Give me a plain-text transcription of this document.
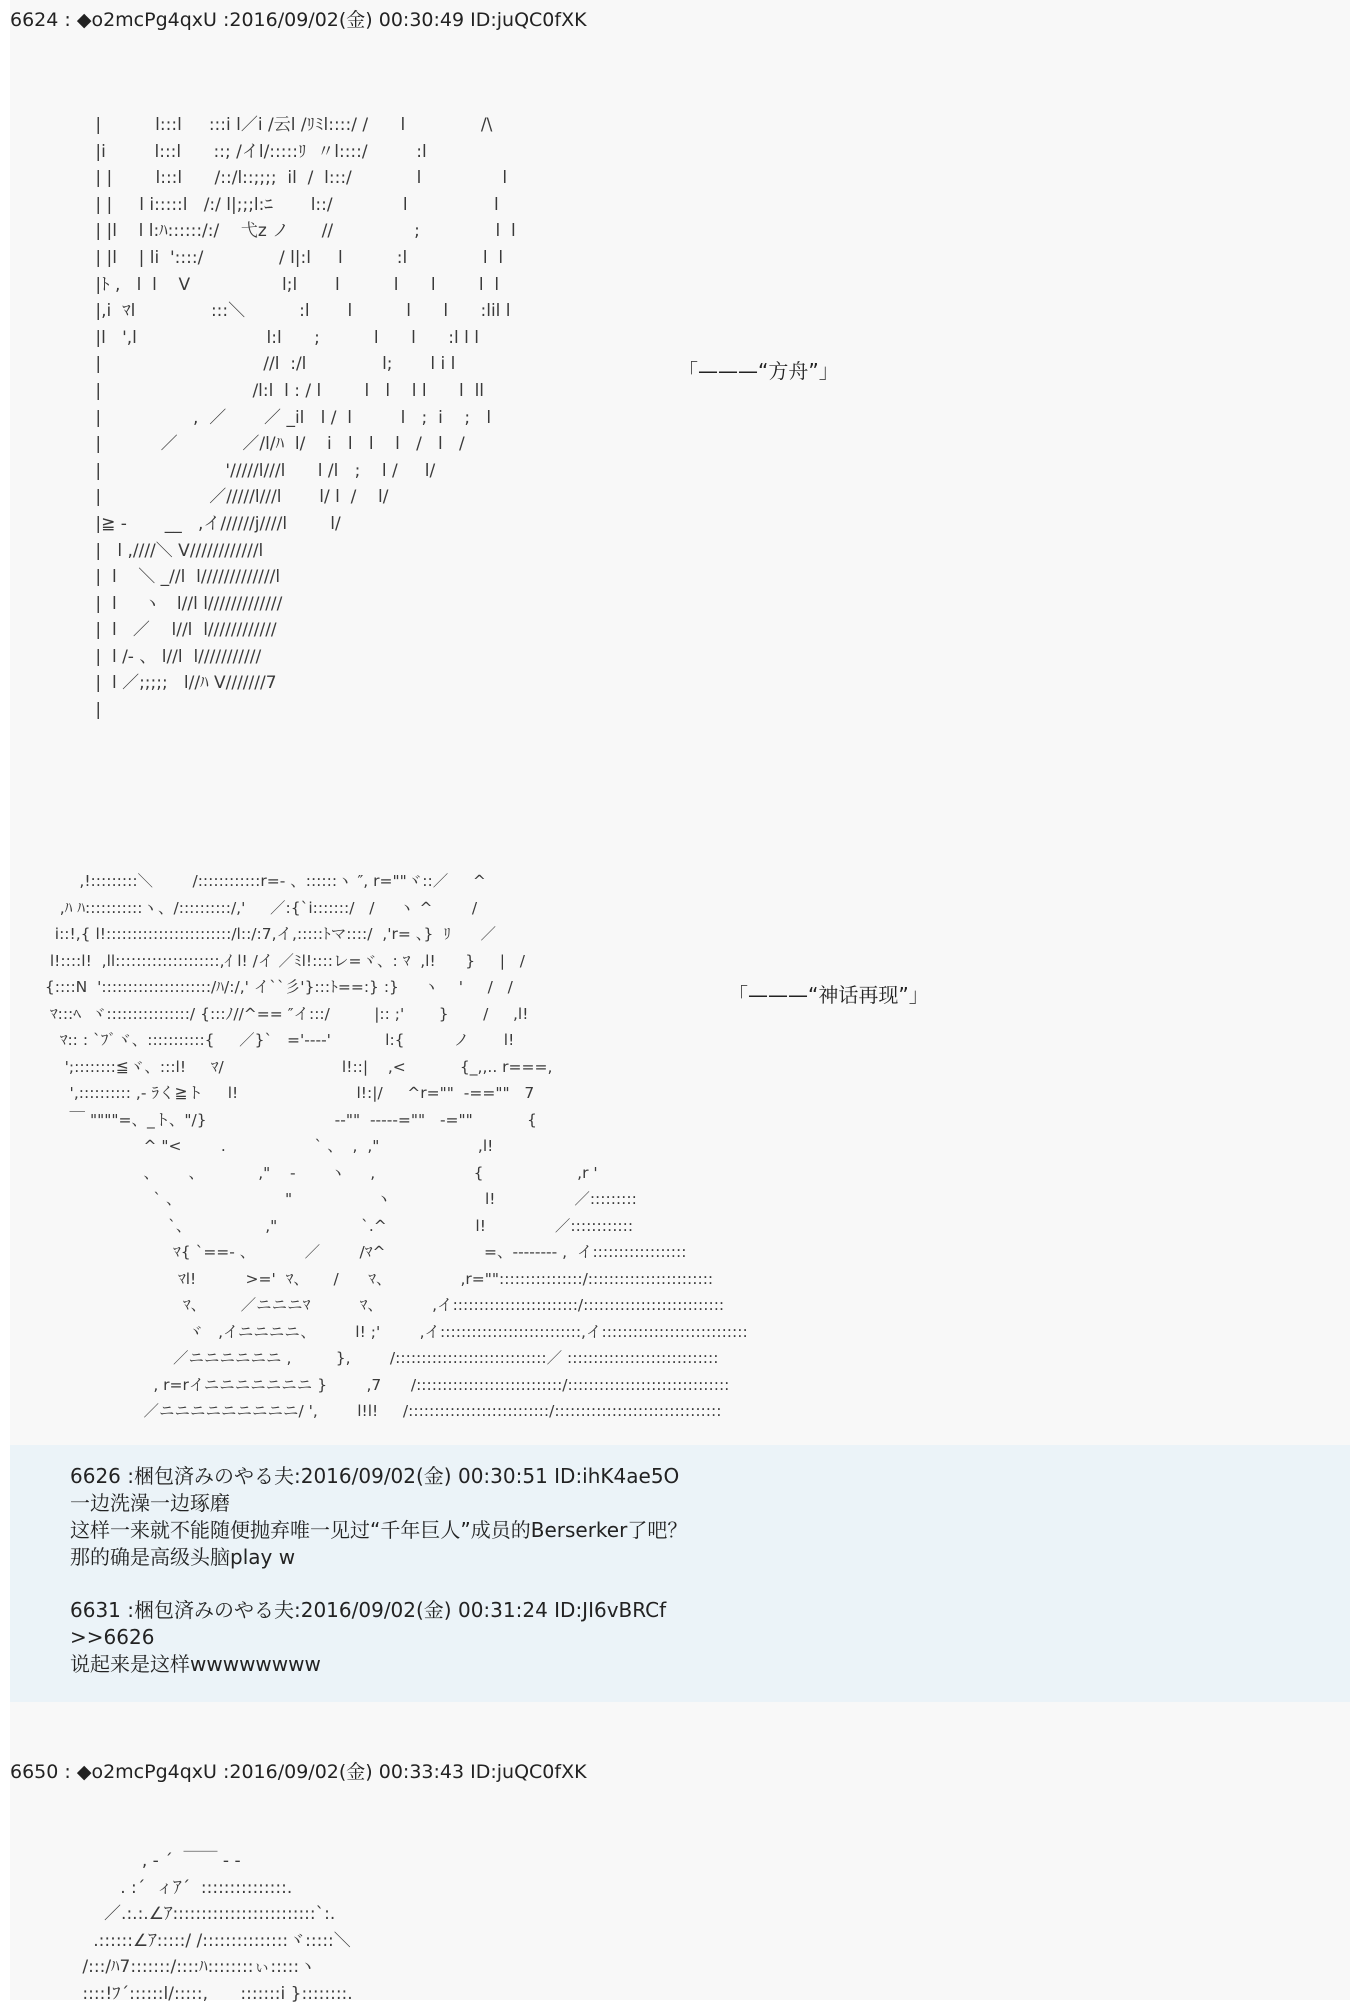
6624 : ◆o2mcPg4qxU :2016/09/02(金) 00:30:49 ID:juQC0fXK
|          l:::l     :::i l／i /云l /ﾘﾐl::::/ /      l              /\
|i         l:::l      ::; /イl/:::::ﾘ  〃l::::/         :l
| |        l:::l      /::/l::;;;;  il  /  l:::/            l               l
| |     l i:::::l   /:/ l|;;;l:ﾆ       l::/             l                l
| |l    l l:ﾊ::::::/:/    弋z ノ      //               ;              l  l
| |l    | li  '::::/              / l|:l     l          :l              l  l
|ﾄ ,   l  l    V                 l;l       l          l      l        l  l
|,i  ﾏl              :::＼          :l       l          l      l      :lil l
|l   ',l                        l:l      ;          l      l      :l l l
|                              //l  :/l              l;       l i l
|                            /l:l  l : / l        l   l    l l      l  ll
|                 ,  ／       ／ _il   l /  l         l   ;  i    ;   l
|           ／            ／/l/ﾊ  l/    i   l   l    l   /   l   /
|                       '/////l///l      l /l   ;    l /     l/
|                    ／/////l///l       l/ l  /    l/
|≧ -       __   ,イ//////j////l        l/
|   l ,////＼ V////////////l
|  l    ＼ _//l  l/////////////l
|  l     ヽ   l//l l/////////////
|  l   ／    l//l  l////////////
|  l /- 、 l//l  l///////////
|  l ／;;;;;   l//ﾊ V///////7
|
「———“方舟”」
,!:::::::::＼        /::::::::::::r=- 、::::::ヽ ″, r=""ヾ::／     ^
,ﾊ ﾊ:::::::::::ヽ、/::::::::::/,'     ／:{`i:::::::/   /     ヽ ^        /
i::!,{ l!::::::::::::::::::::::::/l::/:7,イ,:::::ﾄマ::::/  ,'r= 、}  ﾘ      ／
l!::::l!  ,ll::::::::::::::::::::,ｲ l! /イ ／ﾐl!::::レ=ヾ、: ﾏ  ,l!      }     |   /
{::::N  ':::::::::::::::::::::/ﾊ/:/,' イ``彡'}:::ﾄ==:} :}     ヽ    '     /   /
ﾏ:::ﾍ  ヾ::::::::::::::::/ {:::ﾉ//^== ″イ:::/         |:: ;'       }       /     ,l!
ﾏ:: : `ﾌﾞヾ、:::::::::::{     ／}`   ='----'           l:{          ノ       l!
';::::::::≦ヾ、:::l!     ﾏ/                        l!::|    ,<           {_,,.. r===,
',:::::::::: ,- ﾗく≧ト     l!                        l!:|/     ^r=""  -==""   7
￣ """"=、_ト、"/}                          --""  -----=""   -=""           {
^ "<        .                  ` 、  ,  ,"                    ,l!
、      、           ,"    -       ヽ     ,                    {                   ,r '
` 、                     "                 ヽ                   l!                ／:::::::::
`、               ,"                 `.^                  l!              ／::::::::::::
ﾏ{ `==- 、          ／        /ﾏ^                    =、-------- ,  イ::::::::::::::::::
ﾏl!          >='  ﾏ、     /      ﾏ、              ,r=""::::::::::::::::/::::::::::::::::::::::::
ﾏ、       ／ニニニﾏ          ﾏ、          ,イ::::::::::::::::::::::::/:::::::::::::::::::::::::::
ヾ   ,イニニニニ、        l! ;'        ,イ:::::::::::::::::::::::::::,イ::::::::::::::::::::::::::::
／ニニニニニニ ,         },        /:::::::::::::::::::::::::::::／ :::::::::::::::::::::::::::::
, r=rイニニニニニニニ }        ,7      /::::::::::::::::::::::::::::/:::::::::::::::::::::::::::::::
／ニニニニニニニニニ/ ',        l!l!     /:::::::::::::::::::::::::::/::::::::::::::::::::::::::::::::
「———“神话再现”」
6626 :梱包済みのやる夫:2016/09/02(金) 00:30:51 ID:ihK4ae5O
一边洗澡一边琢磨
这样一来就不能随便抛弃唯一见过“千年巨人”成员的Berserker了吧？
那的确是高级头脑play w
6631 :梱包済みのやる夫:2016/09/02(金) 00:31:24 ID:JI6vBRCf
>>6626
说起来是这样wwwwwwww
6650 : ◆o2mcPg4qxU :2016/09/02(金) 00:33:43 ID:juQC0fXK
, - ´  ￣￣ - -
. :´  ィｱ´  :::::::::::::::.
／.:.:.∠ｱ:::::::::::::::::::::::::`:.
.::::::∠ｱ:::::/ /:::::::::::::::ヾ:::::＼
/:::/ﾊ7:::::::/::::ﾊ::::::::ぃ:::::ヽ
::::!ﾌ´::::::l/:::::,      :::::::i }::::::::.
